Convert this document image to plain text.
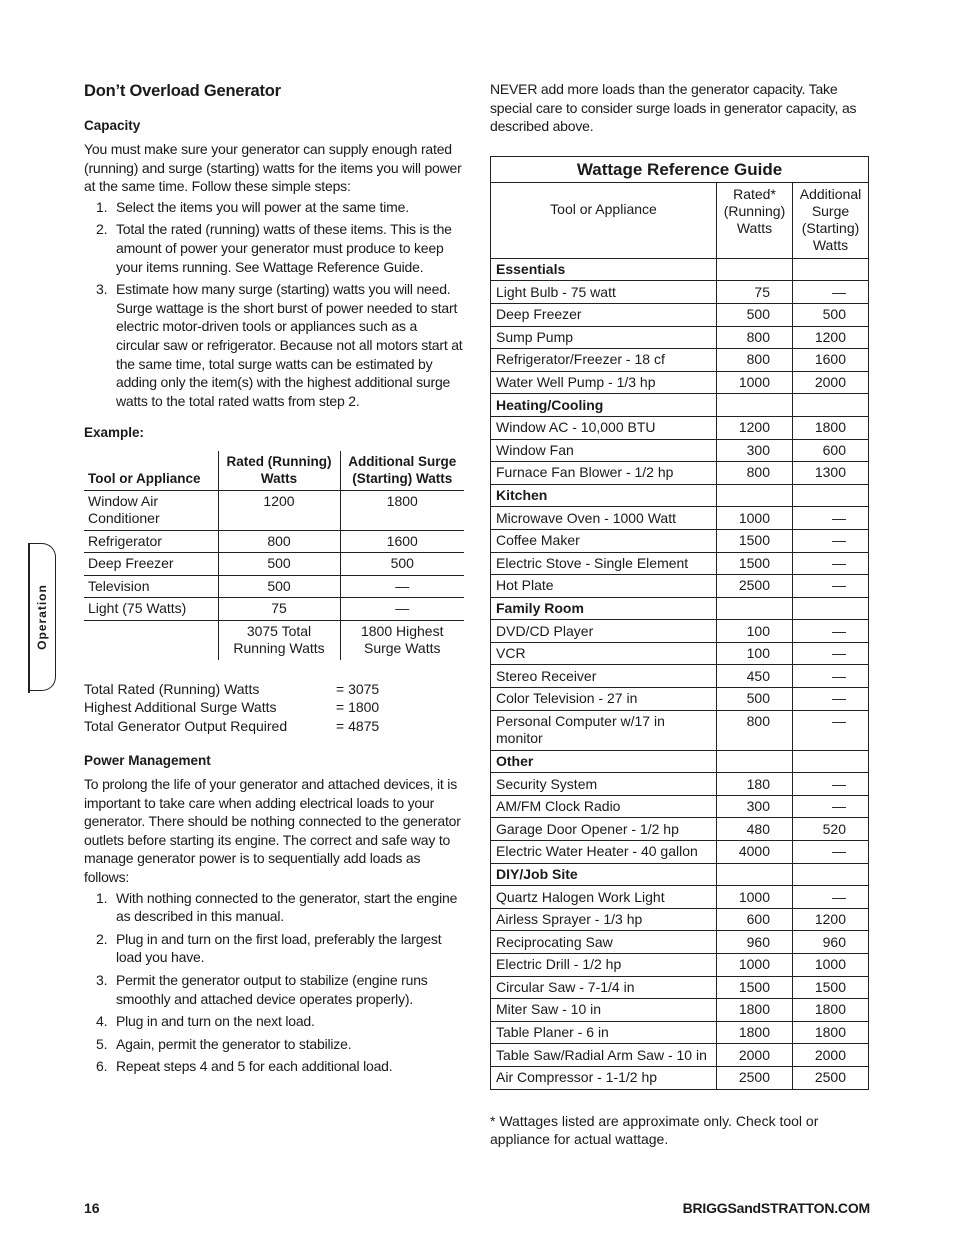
Don’t Overload Generator
Capacity

You must make sure your generator can supply enough rated (running) and surge (starting) watts for the items you will power at the same time. Follow these simple steps:

1. Select the items you will power at the same time.
2. Total the rated (running) watts of these items. This is the amount of power your generator must produce to keep your items running. See Wattage Reference Guide.
3. Estimate how many surge (starting) watts you will need. Surge wattage is the short burst of power needed to start electric motor-driven tools or appliances such as a circular saw or refrigerator. Because not all motors start at the same time, total surge watts can be estimated by adding only the item(s) with the highest additional surge watts to the total rated watts from step 2.
Example:
Tool or Appliance	Rated (Running) Watts	Additional Surge (Starting) Watts
Window Air Conditioner	1200	1800
Refrigerator	800	1600
Deep Freezer	500	500
Television	500	—
Light (75 Watts)	75	—
	3075 Total Running Watts	1800 Highest Surge Watts
Total Rated (Running) Watts	= 3075
Highest Additional Surge Watts	= 1800
Total Generator Output Required	= 4875
Power Management

To prolong the life of your generator and attached devices, it is important to take care when adding electrical loads to your generator. There should be nothing connected to the generator outlets before starting its engine. The correct and safe way to manage generator power is to sequentially add loads as follows:

1. With nothing connected to the generator, start the engine as described in this manual.
2. Plug in and turn on the first load, preferably the largest load you have.
3. Permit the generator output to stabilize (engine runs smoothly and attached device operates properly).
4. Plug in and turn on the next load.
5. Again, permit the generator to stabilize.
6. Repeat steps 4 and 5 for each additional load.

NEVER add more loads than the generator capacity. Take special care to consider surge loads in generator capacity, as described above.

Wattage Reference Guide		
Tool or Appliance	Rated* (Running) Watts	Additional Surge (Starting) Watts
Essentials		
Light Bulb - 75 watt	75	—
Deep Freezer	500	500
Sump Pump	800	1200
Refrigerator/Freezer - 18 cf	800	1600
Water Well Pump - 1/3 hp	1000	2000
Heating/Cooling		
Window AC - 10,000 BTU	1200	1800
Window Fan	300	600
Furnace Fan Blower - 1/2 hp	800	1300
Kitchen		
Microwave Oven - 1000 Watt	1000	—
Coffee Maker	1500	—
Electric Stove - Single Element	1500	—
Hot Plate	2500	—
Family Room		
DVD/CD Player	100	—
VCR	100	—
Stereo Receiver	450	—
Color Television - 27 in	500	—
Personal Computer w/17 in monitor	800	—
Other		
Security System	180	—
AM/FM Clock Radio	300	—
Garage Door Opener - 1/2 hp	480	520
Electric Water Heater - 40 gallon	4000	—
DIY/Job Site		
Quartz Halogen Work Light	1000	—
Airless Sprayer - 1/3 hp	600	1200
Reciprocating Saw	960	960
Electric Drill - 1/2 hp	1000	1000
Circular Saw - 7-1/4 in	1500	1500
Miter Saw - 10 in	1800	1800
Table Planer - 6 in	1800	1800
Table Saw/Radial Arm Saw - 10 in	2000	2000
Air Compressor - 1-1/2 hp	2500	2500

* Wattages listed are approximate only. Check tool or appliance for actual wattage.

Operation
16	BRIGGSandSTRATTON.COM
